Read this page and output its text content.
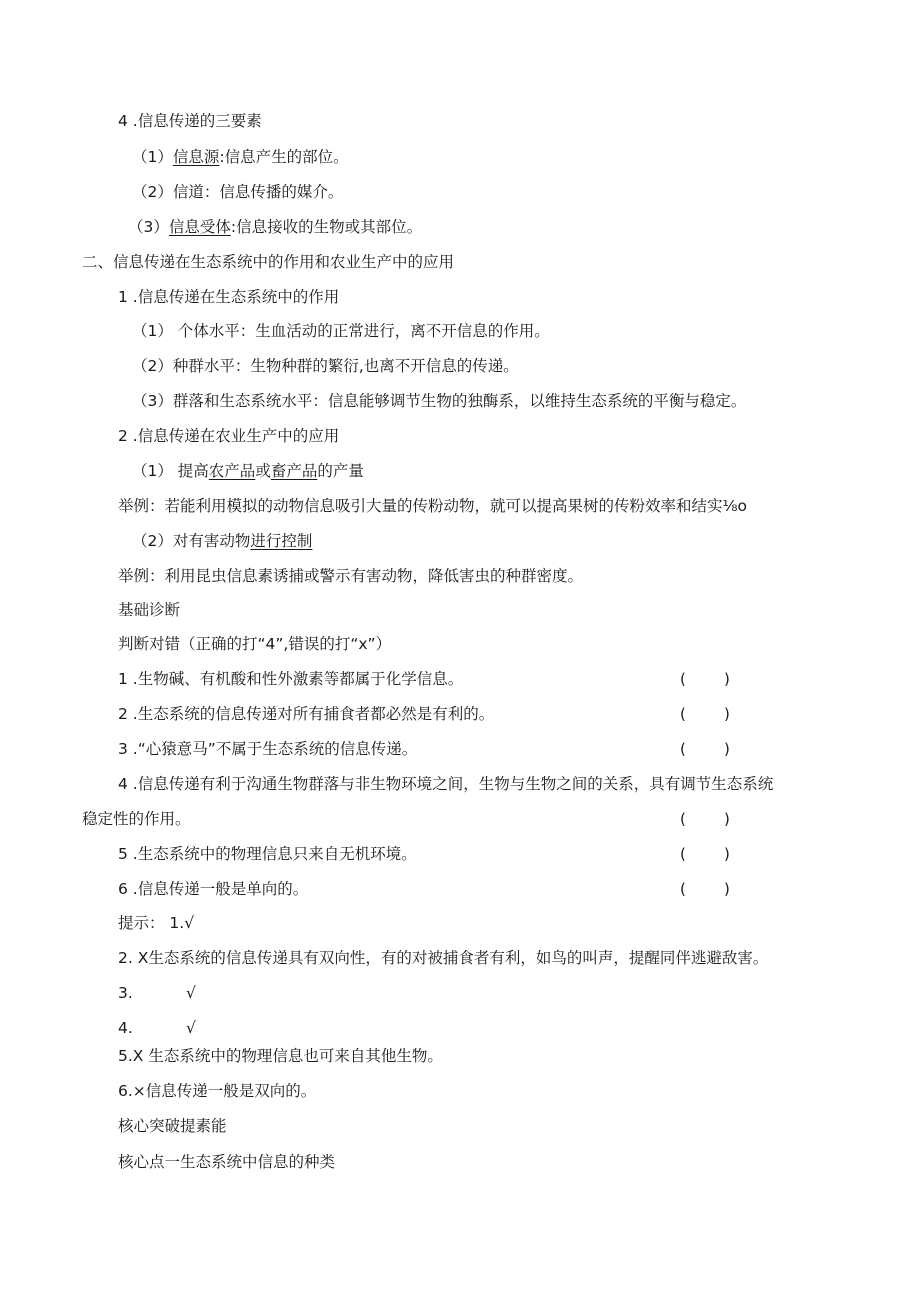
4 .信息传递的三要素
（1）信息源:信息产生的部位。
（2）信道：信息传播的媒介。
（3）信息受体:信息接收的生物或其部位。
二、信息传递在生态系统中的作用和农业生产中的应用
1 .信息传递在生态系统中的作用
（1） 个体水平：生血活动的正常进行，离不开信息的作用。
（2）种群水平：生物种群的繁衍,也离不开信息的传递。
（3）群落和生态系统水平：信息能够调节生物的独酶系，以维持生态系统的平衡与稳定。
2 .信息传递在农业生产中的应用
（1） 提高农产品或畜产品的产量
举例：若能利用模拟的动物信息吸引大量的传粉动物，就可以提高果树的传粉效率和结实⅛o
（2）对有害动物进行控制
举例：利用昆虫信息素诱捕或警示有害动物，降低害虫的种群密度。
基础诊断
判断对错（正确的打“4”,错误的打“x”）
1 .生物碱、有机酸和性外激素等都属于化学信息。	(        )
2 .生态系统的信息传递对所有捕食者都必然是有利的。	(        )
3 .“心猿意马”不属于生态系统的信息传递。	(        )
4 .信息传递有利于沟通生物群落与非生物环境之间，生物与生物之间的关系，具有调节生态系统
稳定性的作用。	(        )
5 .生态系统中的物理信息只来自无机环境。	(        )
6 .信息传递一般是单向的。	(        )
提示： 1.√
2. X生态系统的信息传递具有双向性，有的对被捕食者有利，如鸟的叫声，提醒同伴逃避敌害。
3.	√
4.	√
5.X 生态系统中的物理信息也可来自其他生物。
6.×信息传递一般是双向的。
核心突破提素能
核心点一生态系统中信息的种类
